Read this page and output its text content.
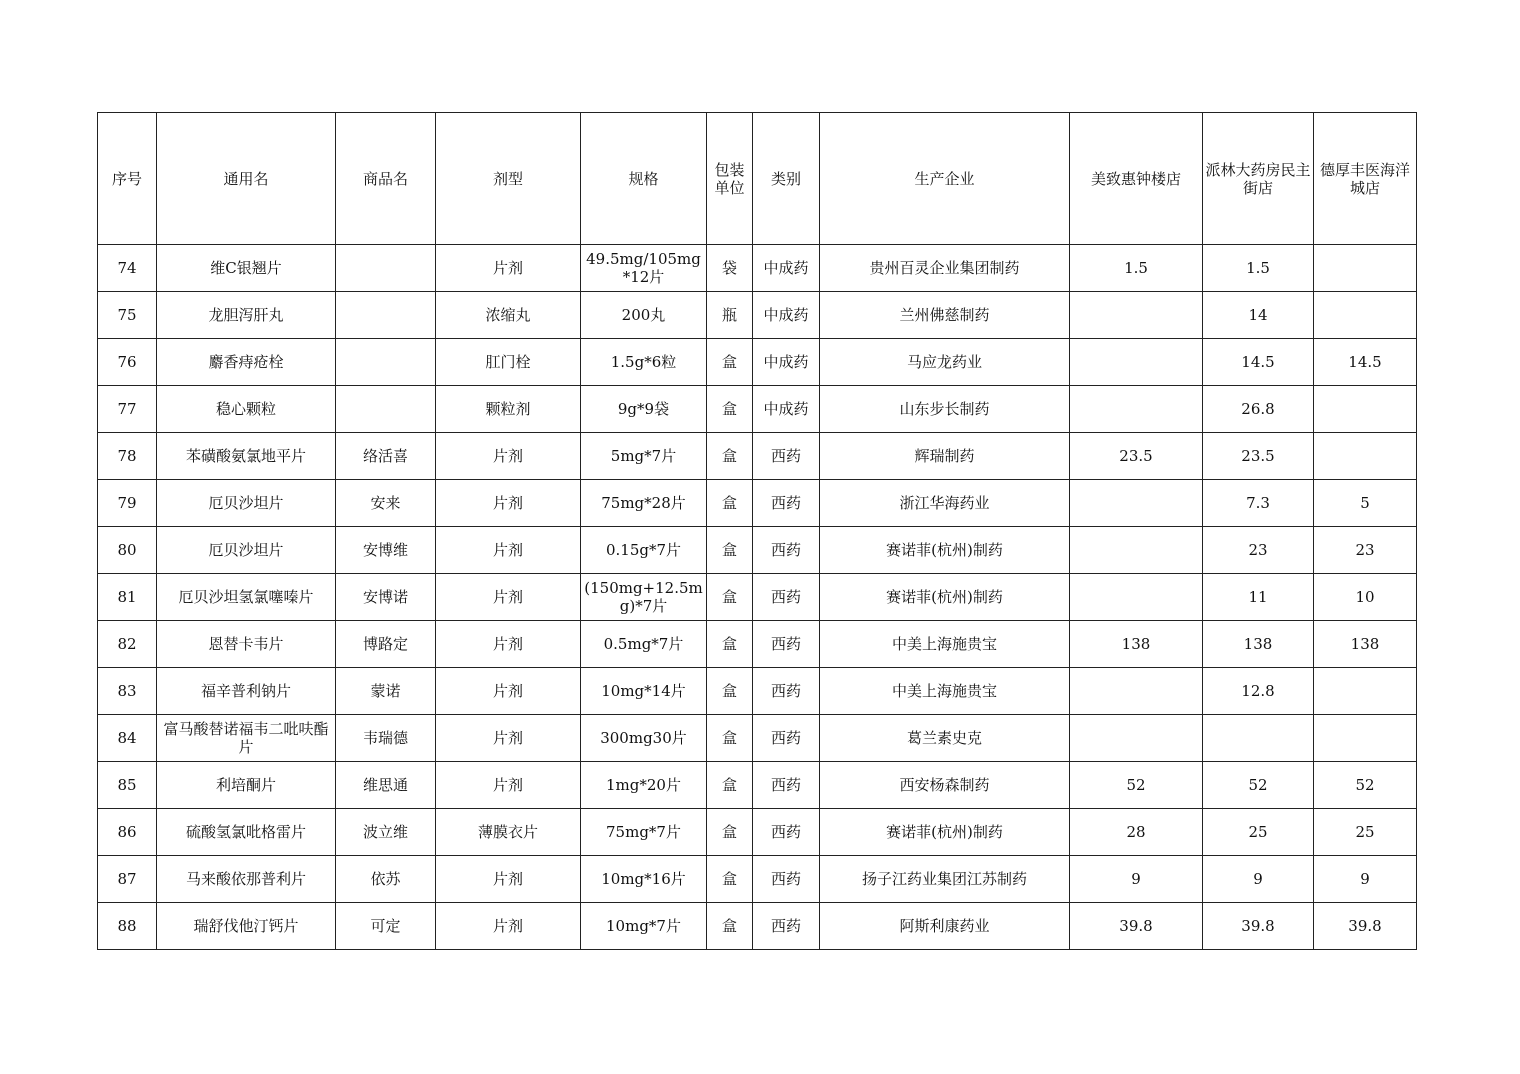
序号	通用名	商品名	剂型	规格	包装单位	类别	生产企业	美致惠钟楼店	派林大药房民主街店	德厚丰医海洋城店
74	维C银翘片		片剂	49.5mg/105mg*12片	袋	中成药	贵州百灵企业集团制药	1.5	1.5	
75	龙胆泻肝丸		浓缩丸	200丸	瓶	中成药	兰州佛慈制药		14	
76	麝香痔疮栓		肛门栓	1.5g*6粒	盒	中成药	马应龙药业		14.5	14.5
77	稳心颗粒		颗粒剂	9g*9袋	盒	中成药	山东步长制药		26.8	
78	苯磺酸氨氯地平片	络活喜	片剂	5mg*7片	盒	西药	辉瑞制药	23.5	23.5	
79	厄贝沙坦片	安来	片剂	75mg*28片	盒	西药	浙江华海药业		7.3	5
80	厄贝沙坦片	安博维	片剂	0.15g*7片	盒	西药	赛诺菲(杭州)制药		23	23
81	厄贝沙坦氢氯噻嗪片	安博诺	片剂	(150mg+12.5mg)*7片	盒	西药	赛诺菲(杭州)制药		11	10
82	恩替卡韦片	博路定	片剂	0.5mg*7片	盒	西药	中美上海施贵宝	138	138	138
83	福辛普利钠片	蒙诺	片剂	10mg*14片	盒	西药	中美上海施贵宝		12.8	
84	富马酸替诺福韦二吡呋酯片	韦瑞德	片剂	300mg30片	盒	西药	葛兰素史克			
85	利培酮片	维思通	片剂	1mg*20片	盒	西药	西安杨森制药	52	52	52
86	硫酸氢氯吡格雷片	波立维	薄膜衣片	75mg*7片	盒	西药	赛诺菲(杭州)制药	28	25	25
87	马来酸依那普利片	依苏	片剂	10mg*16片	盒	西药	扬子江药业集团江苏制药	9	9	9
88	瑞舒伐他汀钙片	可定	片剂	10mg*7片	盒	西药	阿斯利康药业	39.8	39.8	39.8
